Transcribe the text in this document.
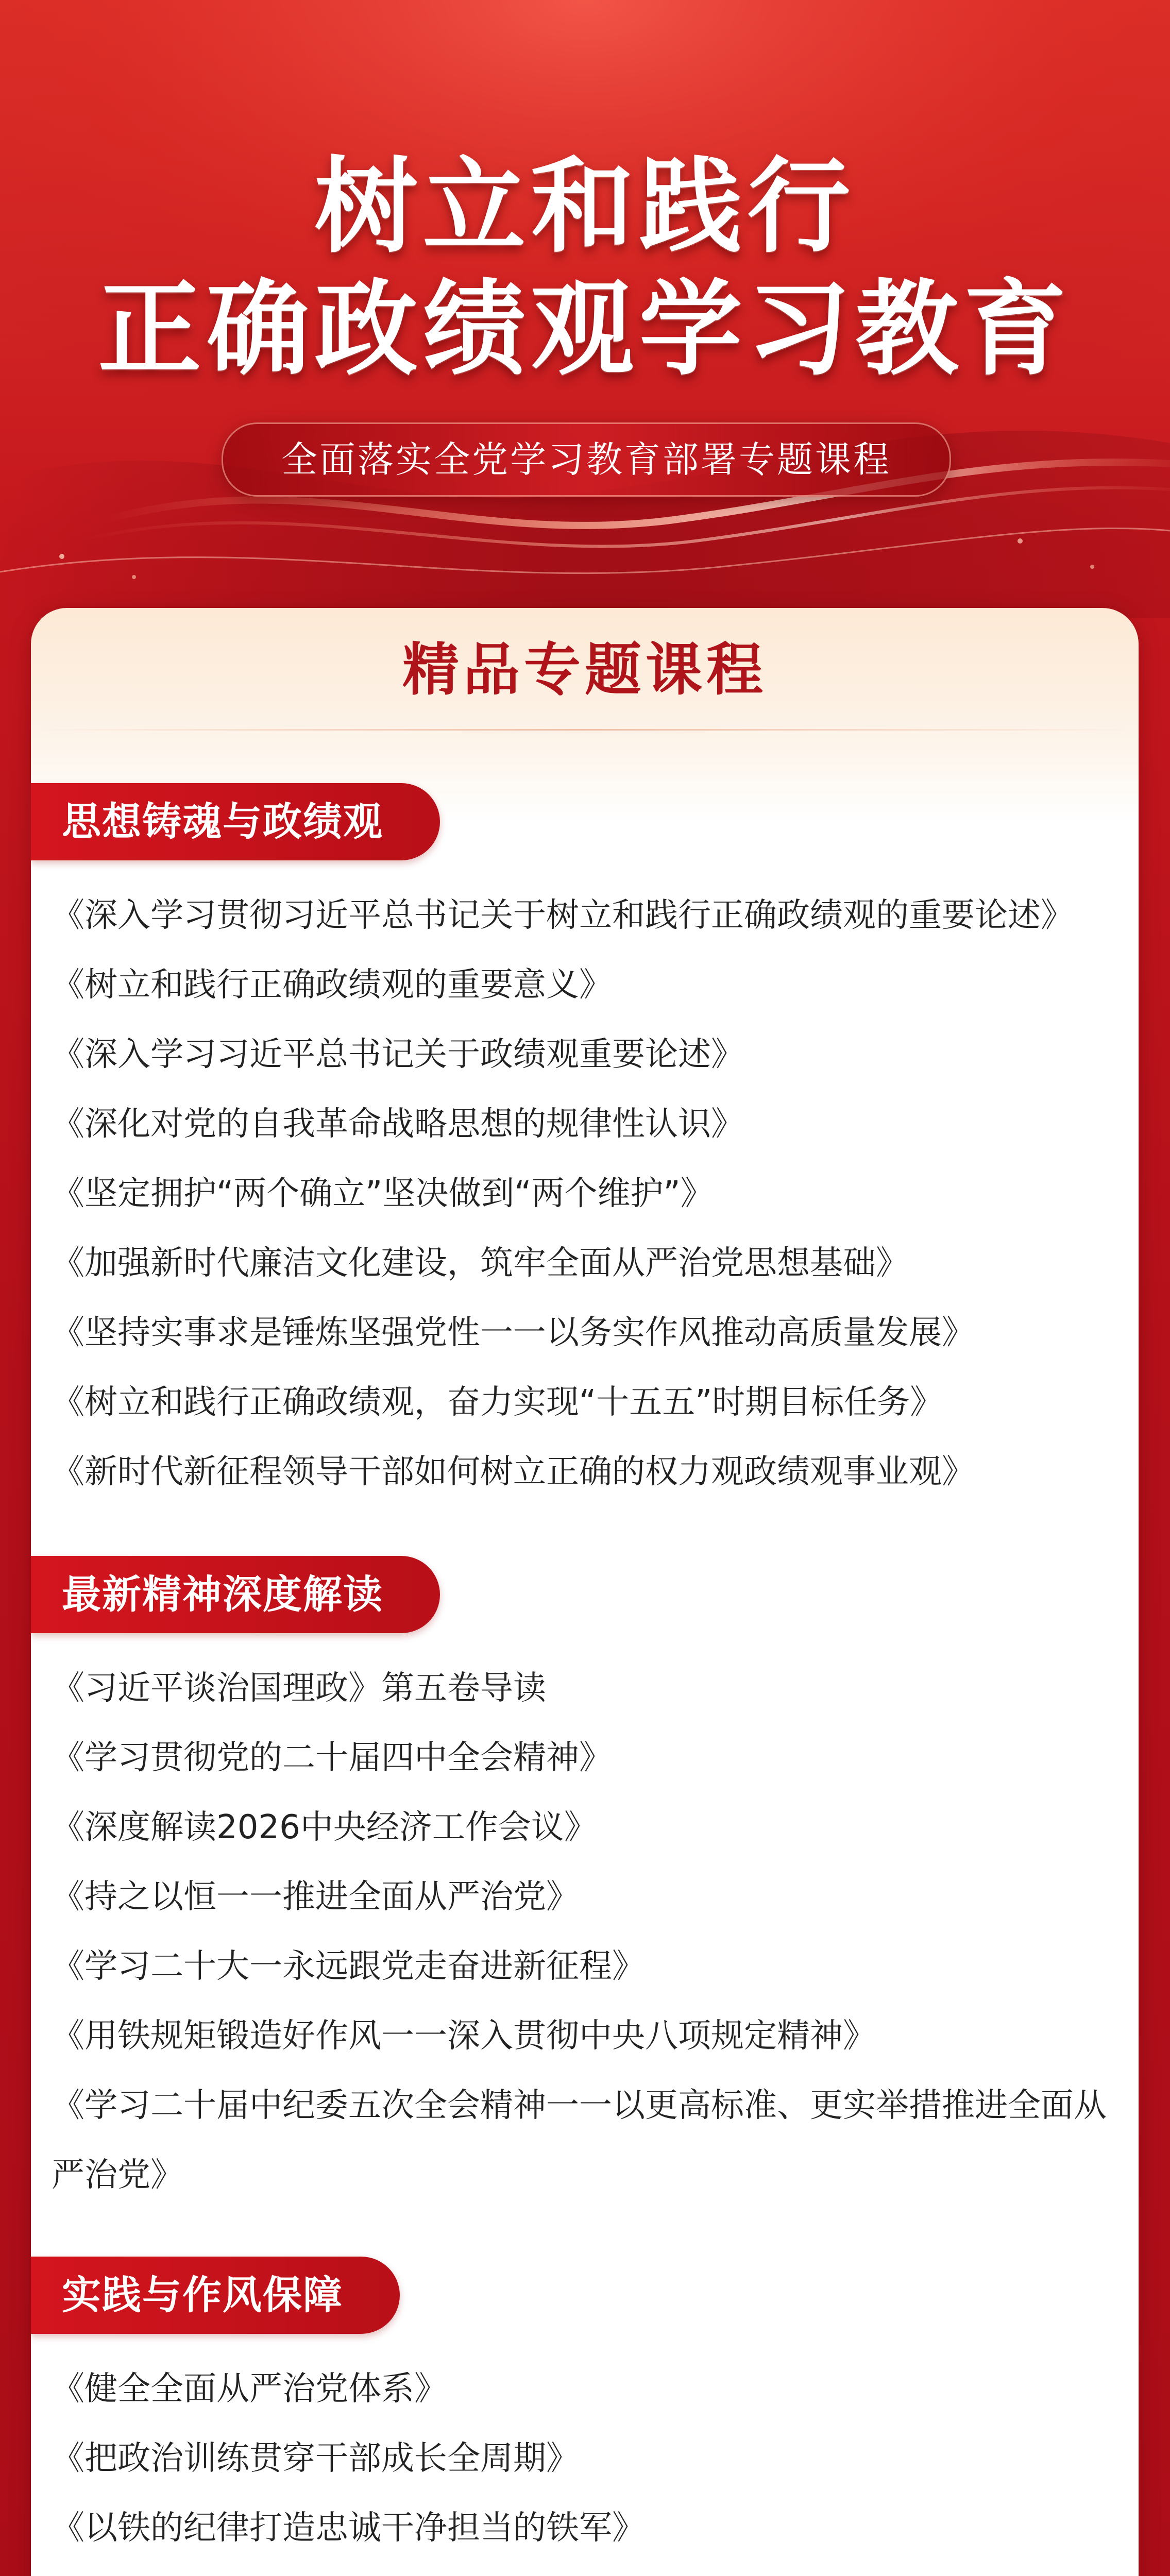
树立和践行
正确政绩观学习教育
全面落实全党学习教育部署专题课程
精品专题课程
思想铸魂与政绩观
《深入学习贯彻习近平总书记关于树立和践行正确政绩观的重要论述》
《树立和践行正确政绩观的重要意义》
《深入学习习近平总书记关于政绩观重要论述》
《深化对党的自我革命战略思想的规律性认识》
《坚定拥护“两个确立”坚决做到“两个维护”》
《加强新时代廉洁文化建设，筑牢全面从严治党思想基础》
《坚持实事求是锤炼坚强党性一一以务实作风推动高质量发展》
《树立和践行正确政绩观，奋力实现“十五五”时期目标任务》
《新时代新征程领导干部如何树立正确的权力观政绩观事业观》
最新精神深度解读
《习近平谈治国理政》第五卷导读
《学习贯彻党的二十届四中全会精神》
《深度解读2026中央经济工作会议》
《持之以恒一一推进全面从严治党》
《学习二十大一永远跟党走奋进新征程》
《用铁规矩锻造好作风一一深入贯彻中央八项规定精神》
《学习二十届中纪委五次全会精神一一以更高标准、更实举措推进全面从严治党》
实践与作风保障
《健全全面从严治党体系》
《把政治训练贯穿干部成长全周期》
《以铁的纪律打造忠诚干净担当的铁军》
